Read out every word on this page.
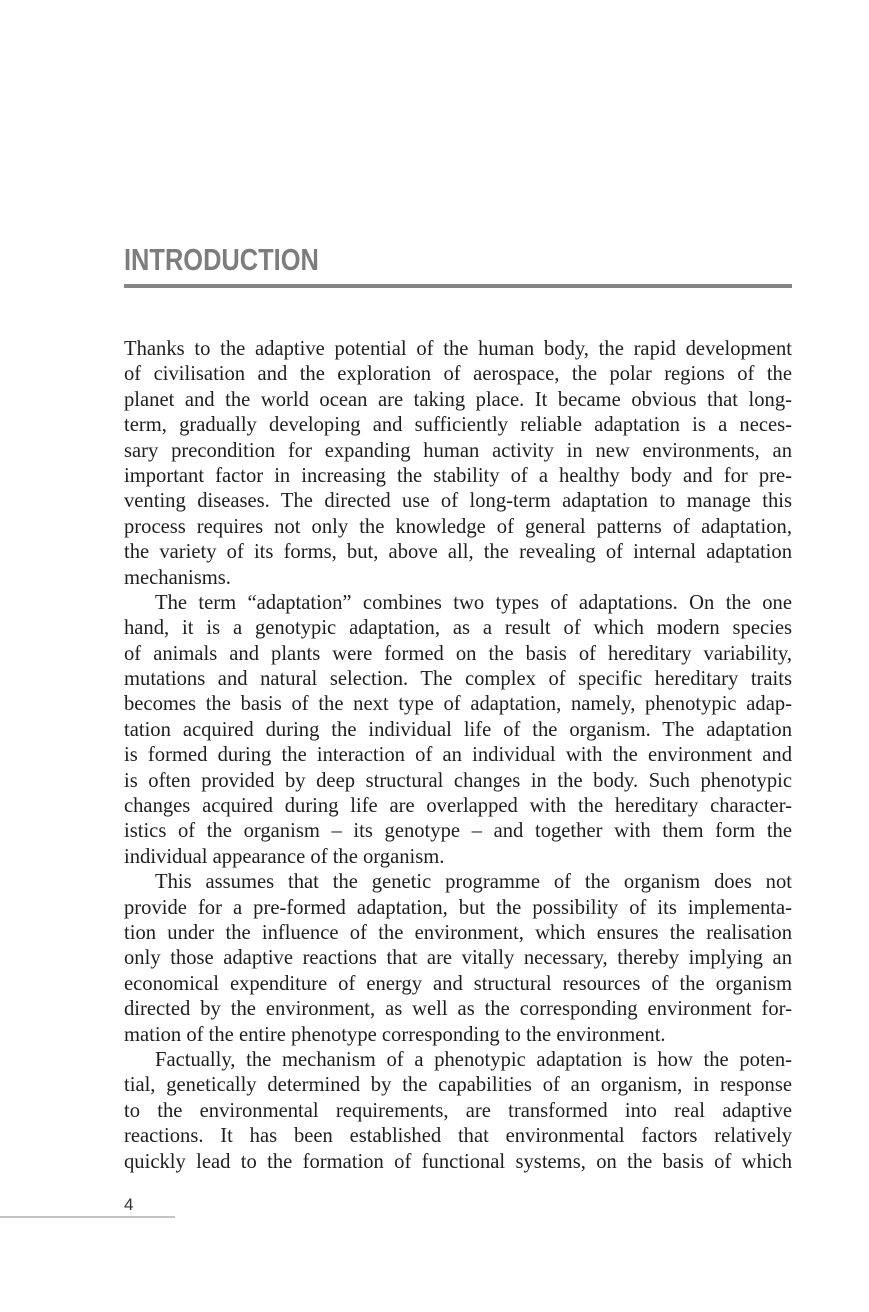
INTRODUCTION
Thanks to the adaptive potential of the human body, the rapid development
of civilisation and the exploration of aerospace, the polar regions of the
planet and the world ocean are taking place. It became obvious that long-
term, gradually developing and sufficiently reliable adaptation is a neces-
sary precondition for expanding human activity in new environments, an
important factor in increasing the stability of a healthy body and for pre-
venting diseases. The directed use of long-term adaptation to manage this
process requires not only the knowledge of general patterns of adaptation,
the variety of its forms, but, above all, the revealing of internal adaptation
mechanisms.
The term “adaptation” combines two types of adaptations. On the one
hand, it is a genotypic adaptation, as a result of which modern species
of animals and plants were formed on the basis of hereditary variability,
mutations and natural selection. The complex of specific hereditary traits
becomes the basis of the next type of adaptation, namely, phenotypic adap-
tation acquired during the individual life of the organism. The adaptation
is formed during the interaction of an individual with the environment and
is often provided by deep structural changes in the body. Such phenotypic
changes acquired during life are overlapped with the hereditary character-
istics of the organism – its genotype – and together with them form the
individual appearance of the organism.
This assumes that the genetic programme of the organism does not
provide for a pre-formed adaptation, but the possibility of its implementa-
tion under the influence of the environment, which ensures the realisation
only those adaptive reactions that are vitally necessary, thereby implying an
economical expenditure of energy and structural resources of the organism
directed by the environment, as well as the corresponding environment for-
mation of the entire phenotype corresponding to the environment.
Factually, the mechanism of a phenotypic adaptation is how the poten-
tial, genetically determined by the capabilities of an organism, in response
to the environmental requirements, are transformed into real adaptive
reactions. It has been established that environmental factors relatively
quickly lead to the formation of functional systems, on the basis of which
4
